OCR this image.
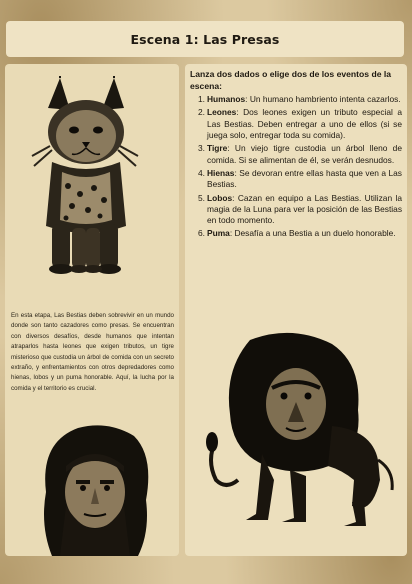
Escena 1: Las Presas

En esta etapa, Las Bestias deben sobrevivir en un mundo donde son tanto cazadores como presas. Se encuentran con diversos desafíos, desde humanos que intentan atraparlos hasta leones que exigen tributos, un tigre misterioso que custodia un árbol de comida con un secreto extraño, y enfrentamientos con otros depredadores como hienas, lobos y un puma honorable. Aquí, la lucha por la comida y el territorio es crucial.

Lanza dos dados o elige dos de los eventos de la escena:

1. Humanos: Un humano hambriento intenta cazarlos.
2. Leones: Dos leones exigen un tributo especial a Las Bestias. Deben entregar a uno de ellos (si se juega solo, entregar toda su comida).
3. Tigre: Un viejo tigre custodia un árbol lleno de comida. Si se alimentan de él, se verán desnudos.
4. Hienas: Se devoran entre ellas hasta que ven a Las Bestias.
5. Lobos: Cazan en equipo a Las Bestias. Utilizan la magia de la Luna para ver la posición de las Bestias en todo momento.
6. Puma: Desafía a una Bestia a un duelo honorable.
